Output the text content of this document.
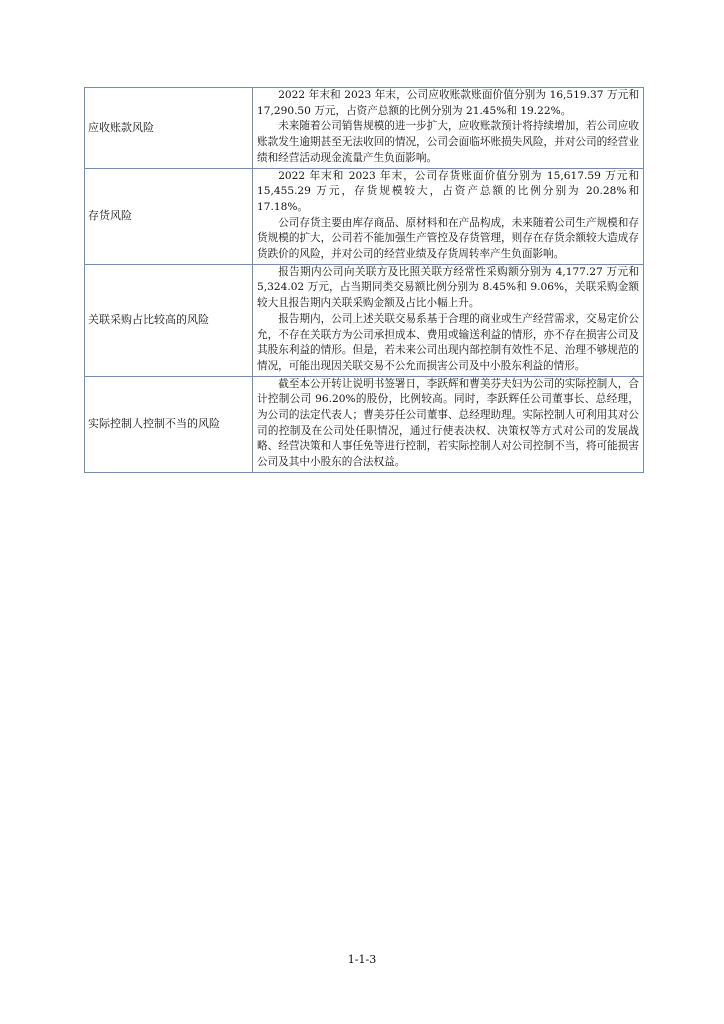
应收账款风险	2022 年末和 2023 年末，公司应收账款账面价值分别为 16,519.37 万元和 17,290.50 万元，占资产总额的比例分别为 21.45%和 19.22%。

未来随着公司销售规模的进一步扩大，应收账款预计将持续增加，若公司应收账款发生逾期甚至无法收回的情况，公司会面临坏账损失风险，并对公司的经营业绩和经营活动现金流量产生负面影响。

存货风险	2022 年末和 2023 年末，公司存货账面价值分别为 15,617.59 万元和 15,455.29 万元，存货规模较大，占资产总额的比例分别为 20.28%和 17.18%。

公司存货主要由库存商品、原材料和在产品构成，未来随着公司生产规模和存货规模的扩大，公司若不能加强生产管控及存货管理，则存在存货余额较大造成存货跌价的风险，并对公司的经营业绩及存货周转率产生负面影响。

关联采购占比较高的风险	报告期内公司向关联方及比照关联方经常性采购额分别为 4,177.27 万元和 5,324.02 万元，占当期同类交易额比例分别为 8.45%和 9.06%，关联采购金额较大且报告期内关联采购金额及占比小幅上升。

报告期内，公司上述关联交易系基于合理的商业或生产经营需求，交易定价公允，不存在关联方为公司承担成本、费用或输送利益的情形，亦不存在损害公司及其股东利益的情形。但是，若未来公司出现内部控制有效性不足、治理不够规范的情况，可能出现因关联交易不公允而损害公司及中小股东利益的情形。

实际控制人控制不当的风险	截至本公开转让说明书签署日，李跃辉和曹美芬夫妇为公司的实际控制人，合计控制公司 96.20%的股份，比例较高。同时，李跃辉任公司董事长、总经理，为公司的法定代表人；曹美芬任公司董事、总经理助理。实际控制人可利用其对公司的控制及在公司处任职情况，通过行使表决权、决策权等方式对公司的发展战略、经营决策和人事任免等进行控制，若实际控制人对公司控制不当，将可能损害公司及其中小股东的合法权益。

1-1-3
